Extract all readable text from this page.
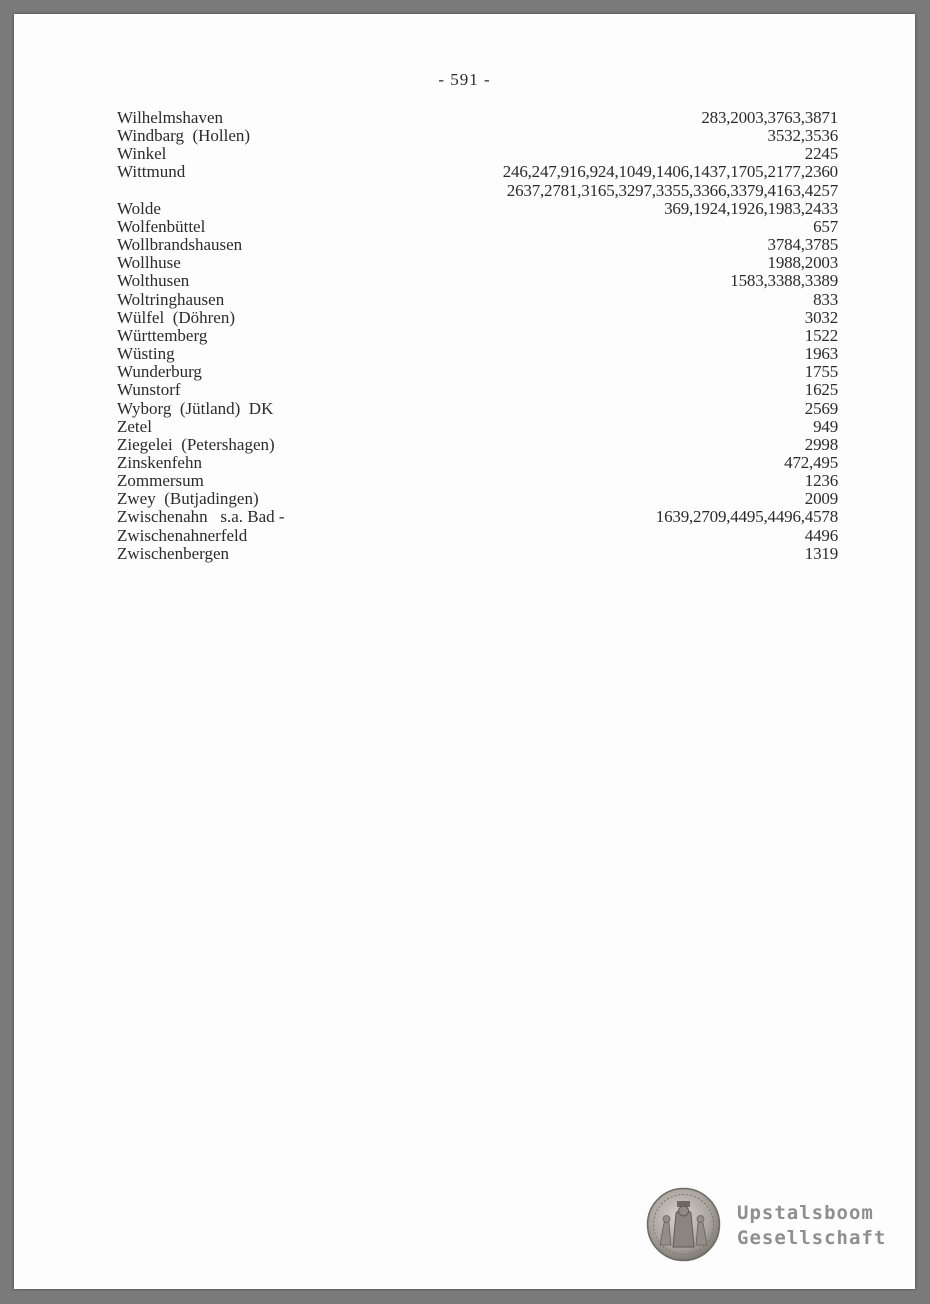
- 591 -
Wilhelmshaven	283,2003,3763,3871
Windbarg  (Hollen)	3532,3536
Winkel	2245
Wittmund	246,247,916,924,1049,1406,1437,1705,2177,2360
2637,2781,3165,3297,3355,3366,3379,4163,4257
Wolde	369,1924,1926,1983,2433
Wolfenbüttel	657
Wollbrandshausen	3784,3785
Wollhuse	1988,2003
Wolthusen	1583,3388,3389
Woltringhausen	833
Wülfel  (Döhren)	3032
Württemberg	1522
Wüsting	1963
Wunderburg	1755
Wunstorf	1625
Wyborg  (Jütland)  DK	2569
Zetel	949
Ziegelei  (Petershagen)	2998
Zinskenfehn	472,495
Zommersum	1236
Zwey  (Butjadingen)	2009
Zwischenahn   s.a. Bad -	1639,2709,4495,4496,4578
Zwischenahnerfeld	4496
Zwischenbergen	1319
Upstalsboom
Gesellschaft
